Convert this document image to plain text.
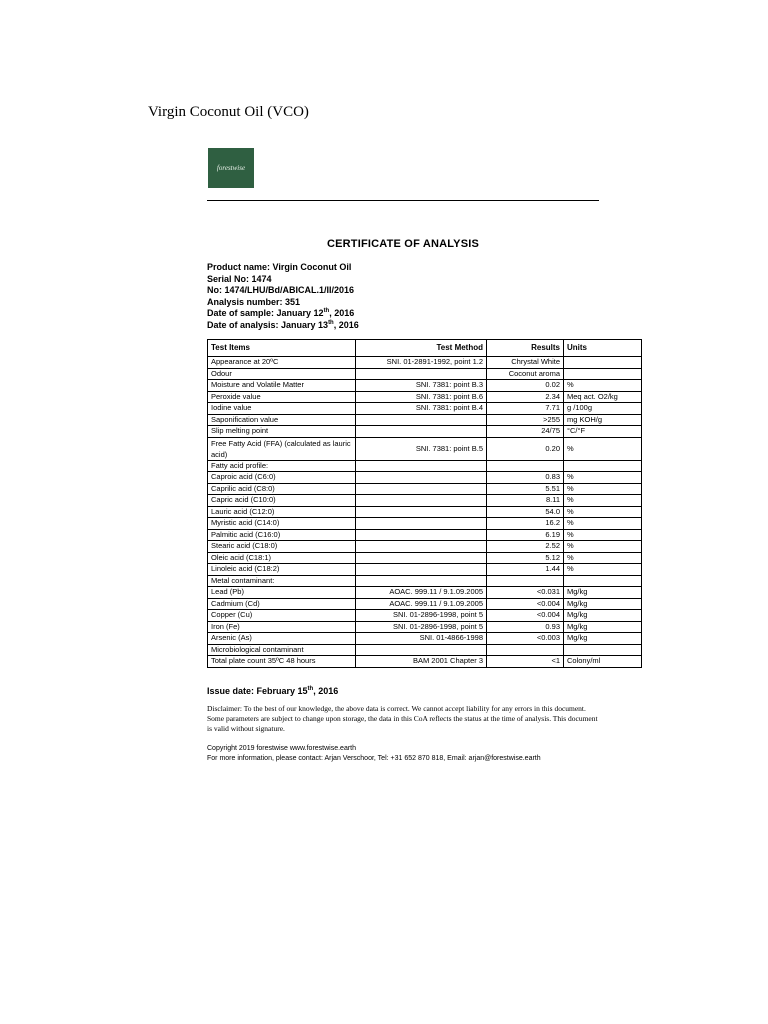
Virgin Coconut Oil (VCO)
forestwise
CERTIFICATE OF ANALYSIS
Product name: Virgin Coconut Oil
Serial No: 1474
No: 1474/LHU/Bd/ABICAL.1/II/2016
Analysis number: 351
Date of sample: January 12th, 2016
Date of analysis: January 13th, 2016
Test Items	Test Method	Results	Units
Appearance at 20ºC	SNI. 01-2891-1992, point 1.2	Chrystal White	
Odour		Coconut aroma	
Moisture and Volatile Matter	SNI. 7381: point B.3	0.02	%
Peroxide value	SNI. 7381: point B.6	2.34	Meq act. O2/kg
Iodine value	SNI. 7381: point B.4	7.71	g /100g
Saponification value		>255	mg KOH/g
Slip melting point		24/75	°C/°F
Free Fatty Acid (FFA) (calculated as lauric acid)	SNI. 7381: point B.5	0.20	%
Fatty acid profile:			
Caproic acid (C6:0)		0.83	%
Caprilic acid (C8:0)		5.51	%
Capric acid (C10:0)		8.11	%
Lauric acid (C12:0)		54.0	%
Myristic acid (C14:0)		16.2	%
Palmitic acid (C16:0)		6.19	%
Stearic acid (C18:0)		2.52	%
Oleic acid (C18:1)		5.12	%
Linoleic acid (C18:2)		1.44	%
Metal contaminant:			
Lead (Pb)	AOAC. 999.11 / 9.1.09.2005	<0.031	Mg/kg
Cadmium (Cd)	AOAC. 999.11 / 9.1.09.2005	<0.004	Mg/kg
Copper (Cu)	SNI. 01-2896-1998, point 5	<0.004	Mg/kg
Iron (Fe)	SNI. 01-2896-1998, point 5	0.93	Mg/kg
Arsenic (As)	SNI. 01-4866-1998	<0.003	Mg/kg
Microbiological contaminant			
Total plate count 35ºC 48 hours	BAM 2001 Chapter 3	<1	Colony/ml
Issue date: February 15th, 2016
Disclaimer: To the best of our knowledge, the above data is correct. We cannot accept liability for any errors in this document. Some parameters are subject to change upon storage, the data in this CoA reflects the status at the time of analysis. This document is valid without signature.
Copyright 2019 forestwise www.forestwise.earth
For more information, please contact: Arjan Verschoor, Tel: +31 652 870 818, Email: arjan@forestwise.earth
